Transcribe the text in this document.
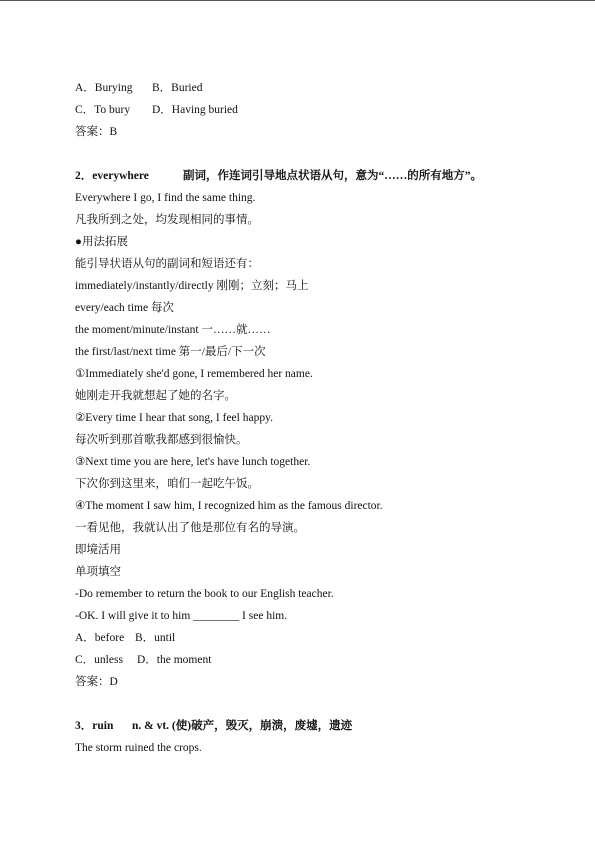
A．Burying B．Buried
C．To bury D．Having buried
答案：B
2．everywhere	副词，作连词引导地点状语从句，意为“……的所有地方”。
Everywhere I go, I find the same thing.
凡我所到之处，均发现相同的事情。
●用法拓展
能引导状语从句的副词和短语还有：
immediately/instantly/directly 刚刚；立刻；马上
every/each time 每次
the moment/minute/instant 一……就……
the first/last/next time 第一/最后/下一次
①Immediately she'd gone, I remembered her name.
她刚走开我就想起了她的名字。
②Every time I hear that song, I feel happy.
每次听到那首歌我都感到很愉快。
③Next time you are here, let's have lunch together.
下次你到这里来，咱们一起吃午饭。
④The moment I saw him, I recognized him as the famous director.
一看见他，我就认出了他是那位有名的导演。
即境活用
单项填空
-Do remember to return the book to our English teacher.
-OK. I will give it to him ________ I see him.
A．before B．until
C．unless D．the moment
答案：D
3．ruin n. & vt. (使)破产，毁灭，崩溃，废墟，遗迹
The storm ruined the crops.
